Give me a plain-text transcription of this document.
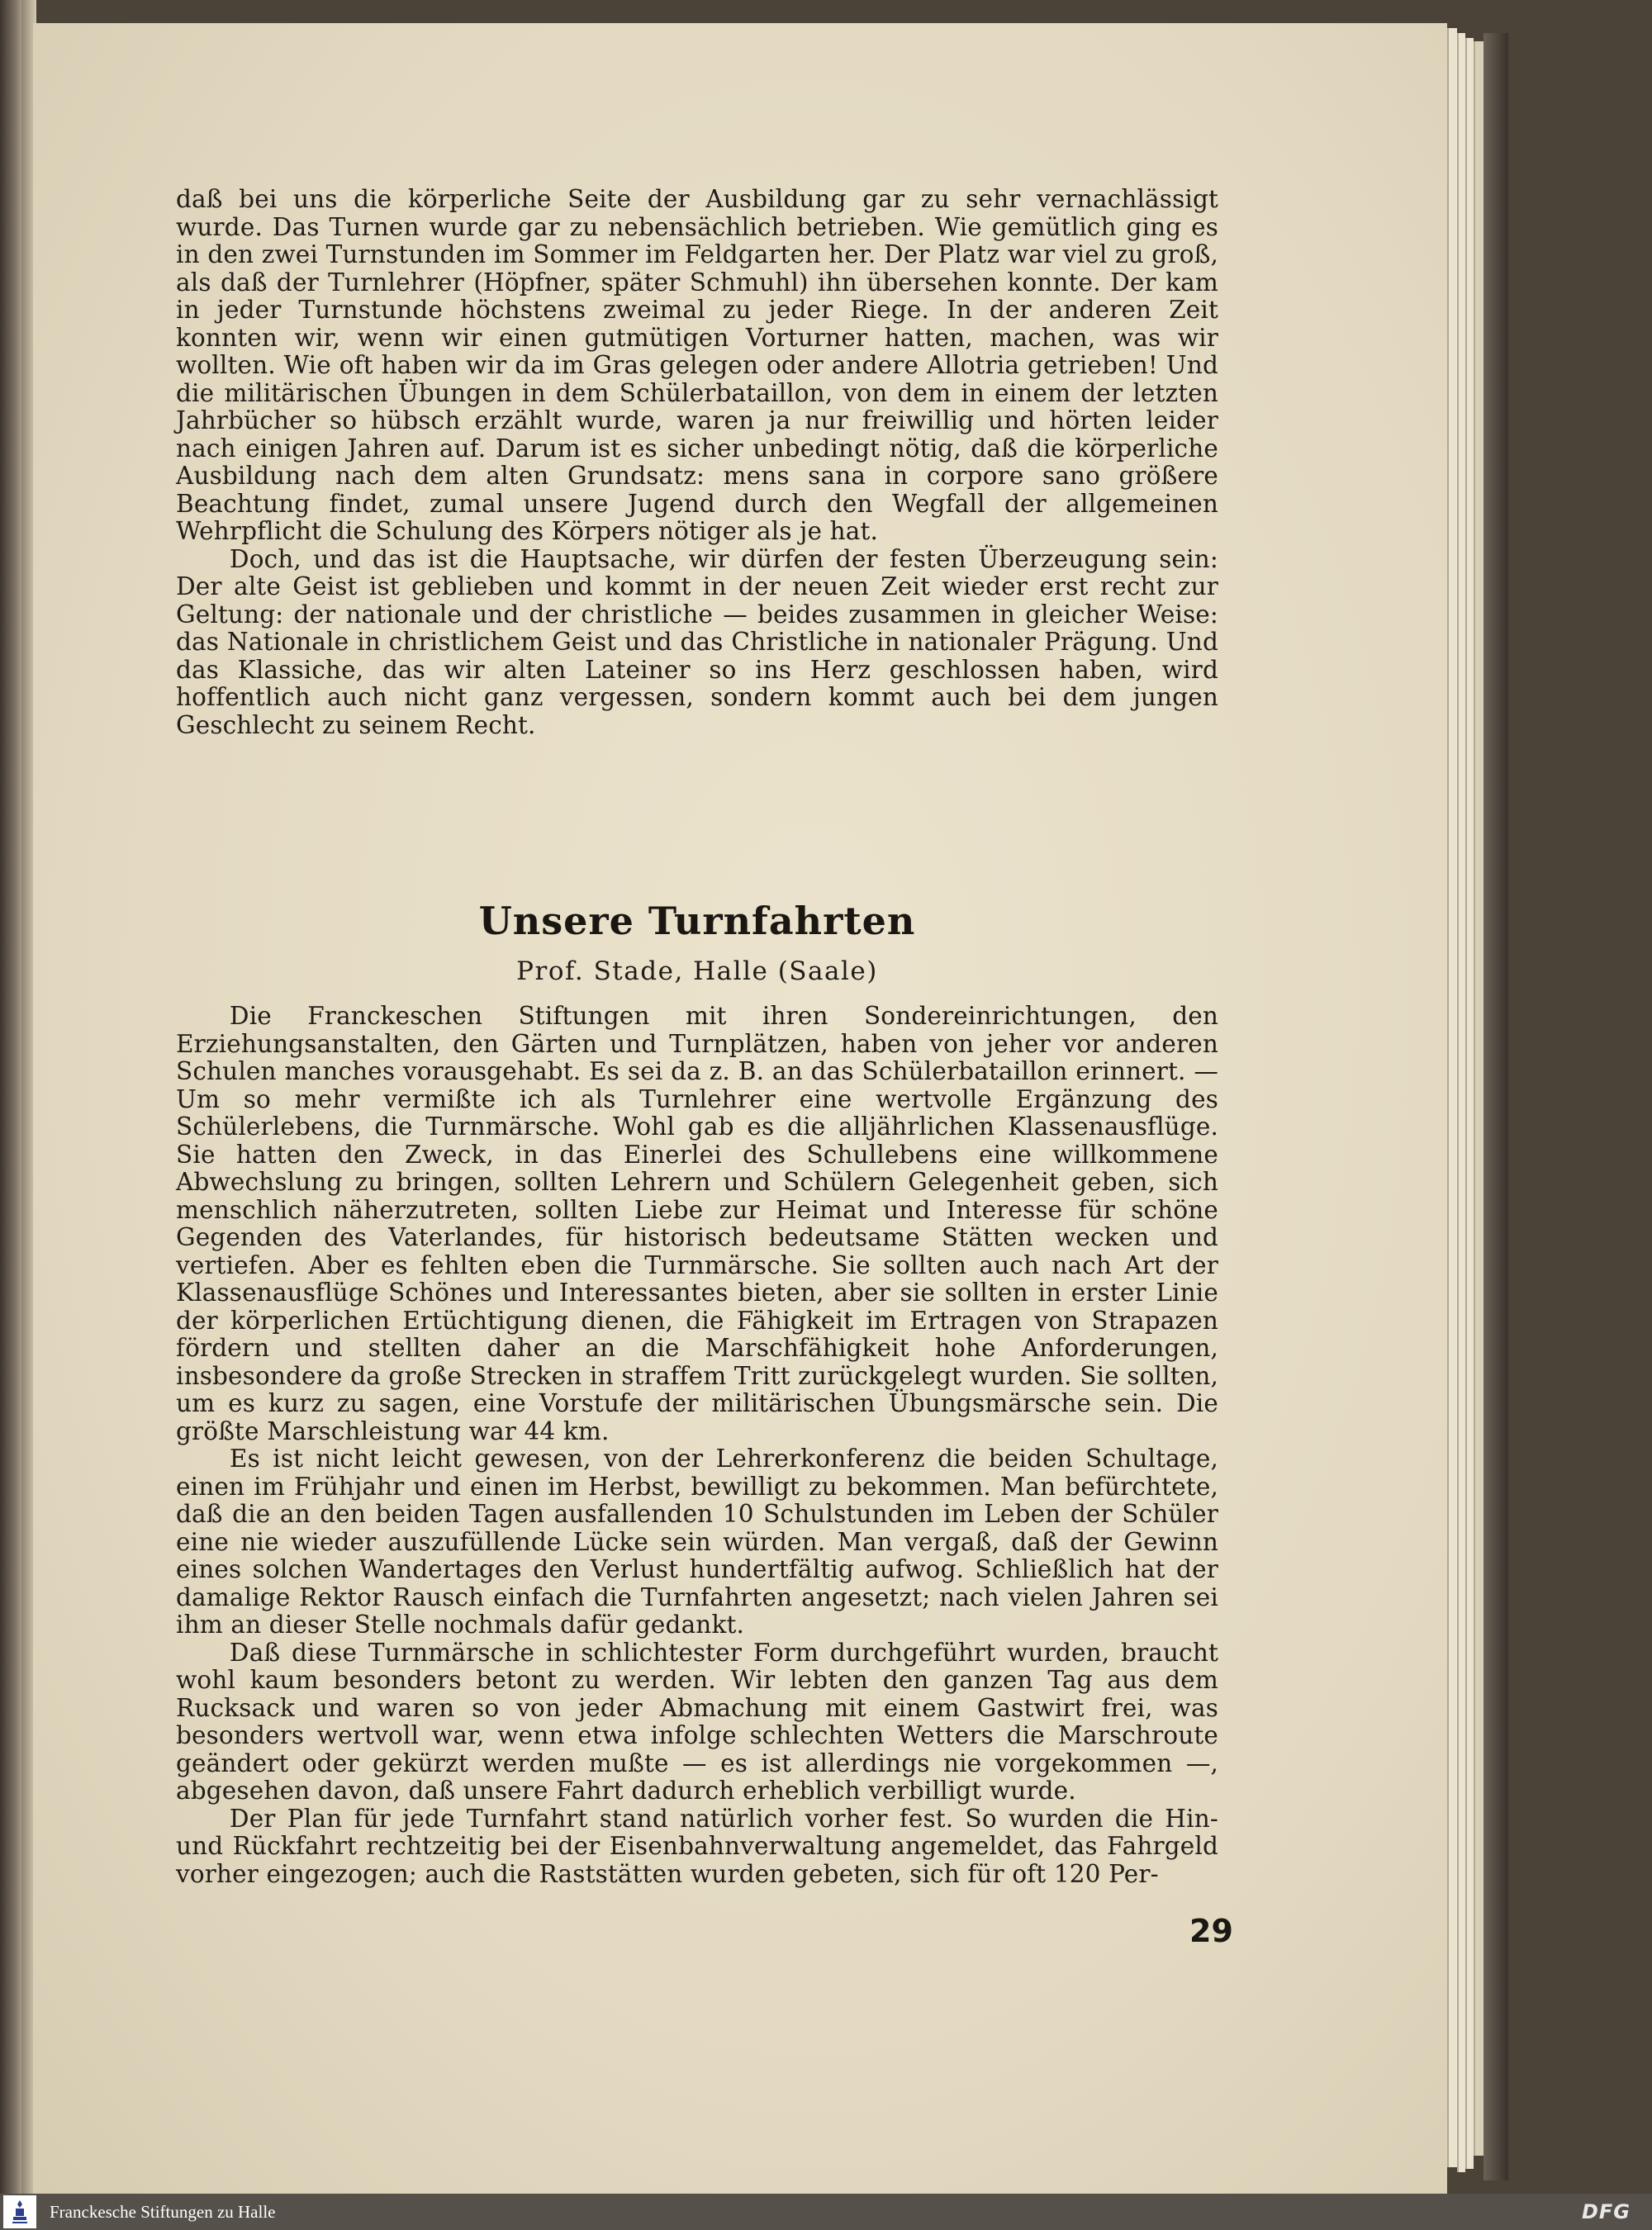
daß bei uns die körperliche Seite der Ausbildung gar zu sehr vernachlässigt wurde. Das Turnen wurde gar zu nebensächlich betrieben. Wie gemütlich ging es in den zwei Turnstunden im Sommer im Feldgarten her. Der Platz war viel zu groß, als daß der Turnlehrer (Höpfner, später Schmuhl) ihn übersehen konnte. Der kam in jeder Turnstunde höchstens zweimal zu jeder Riege. In der anderen Zeit konnten wir, wenn wir einen gutmütigen Vorturner hatten, machen, was wir wollten. Wie oft haben wir da im Gras gelegen oder andere Allotria getrieben! Und die militärischen Übungen in dem Schülerbataillon, von dem in einem der letzten Jahrbücher so hübsch erzählt wurde, waren ja nur freiwillig und hörten leider nach einigen Jahren auf. Darum ist es sicher unbedingt nötig, daß die körperliche Ausbildung nach dem alten Grundsatz: mens sana in corpore sano größere Beachtung findet, zumal unsere Jugend durch den Wegfall der allgemeinen Wehrpflicht die Schulung des Körpers nötiger als je hat.

Doch, und das ist die Hauptsache, wir dürfen der festen Überzeugung sein: Der alte Geist ist geblieben und kommt in der neuen Zeit wieder erst recht zur Geltung: der nationale und der christliche — beides zusammen in gleicher Weise: das Nationale in christlichem Geist und das Christliche in nationaler Prägung. Und das Klassiche, das wir alten Lateiner so ins Herz geschlossen haben, wird hoffentlich auch nicht ganz vergessen, sondern kommt auch bei dem jungen Geschlecht zu seinem Recht.

Unsere Turnfahrten

Prof. Stade, Halle (Saale)

Die Franckeschen Stiftungen mit ihren Sondereinrichtungen, den Erziehungsanstalten, den Gärten und Turnplätzen, haben von jeher vor anderen Schulen manches vorausgehabt. Es sei da z. B. an das Schülerbataillon erinnert. — Um so mehr vermißte ich als Turnlehrer eine wertvolle Ergänzung des Schülerlebens, die Turnmärsche. Wohl gab es die alljährlichen Klassenausflüge. Sie hatten den Zweck, in das Einerlei des Schullebens eine willkommene Abwechslung zu bringen, sollten Lehrern und Schülern Gelegenheit geben, sich menschlich näherzutreten, sollten Liebe zur Heimat und Interesse für schöne Gegenden des Vaterlandes, für historisch bedeutsame Stätten wecken und vertiefen. Aber es fehlten eben die Turnmärsche. Sie sollten auch nach Art der Klassenausflüge Schönes und Interessantes bieten, aber sie sollten in erster Linie der körperlichen Ertüchtigung dienen, die Fähigkeit im Ertragen von Strapazen fördern und stellten daher an die Marschfähigkeit hohe Anforderungen, insbesondere da große Strecken in straffem Tritt zurückgelegt wurden. Sie sollten, um es kurz zu sagen, eine Vorstufe der militärischen Übungsmärsche sein. Die größte Marschleistung war 44 km.

Es ist nicht leicht gewesen, von der Lehrerkonferenz die beiden Schultage, einen im Frühjahr und einen im Herbst, bewilligt zu bekommen. Man befürchtete, daß die an den beiden Tagen ausfallenden 10 Schulstunden im Leben der Schüler eine nie wieder auszufüllende Lücke sein würden. Man vergaß, daß der Gewinn eines solchen Wandertages den Verlust hundertfältig aufwog. Schließlich hat der damalige Rektor Rausch einfach die Turnfahrten angesetzt; nach vielen Jahren sei ihm an dieser Stelle nochmals dafür gedankt.

Daß diese Turnmärsche in schlichtester Form durchgeführt wurden, braucht wohl kaum besonders betont zu werden. Wir lebten den ganzen Tag aus dem Rucksack und waren so von jeder Abmachung mit einem Gastwirt frei, was besonders wertvoll war, wenn etwa infolge schlechten Wetters die Marschroute geändert oder gekürzt werden mußte — es ist allerdings nie vorgekommen —, abgesehen davon, daß unsere Fahrt dadurch erheblich verbilligt wurde.

Der Plan für jede Turnfahrt stand natürlich vorher fest. So wurden die Hin- und Rückfahrt rechtzeitig bei der Eisenbahnverwaltung angemeldet, das Fahrgeld vorher eingezogen; auch die Raststätten wurden gebeten, sich für oft 120 Per-

29
Franckesche Stiftungen zu Halle	DFG
